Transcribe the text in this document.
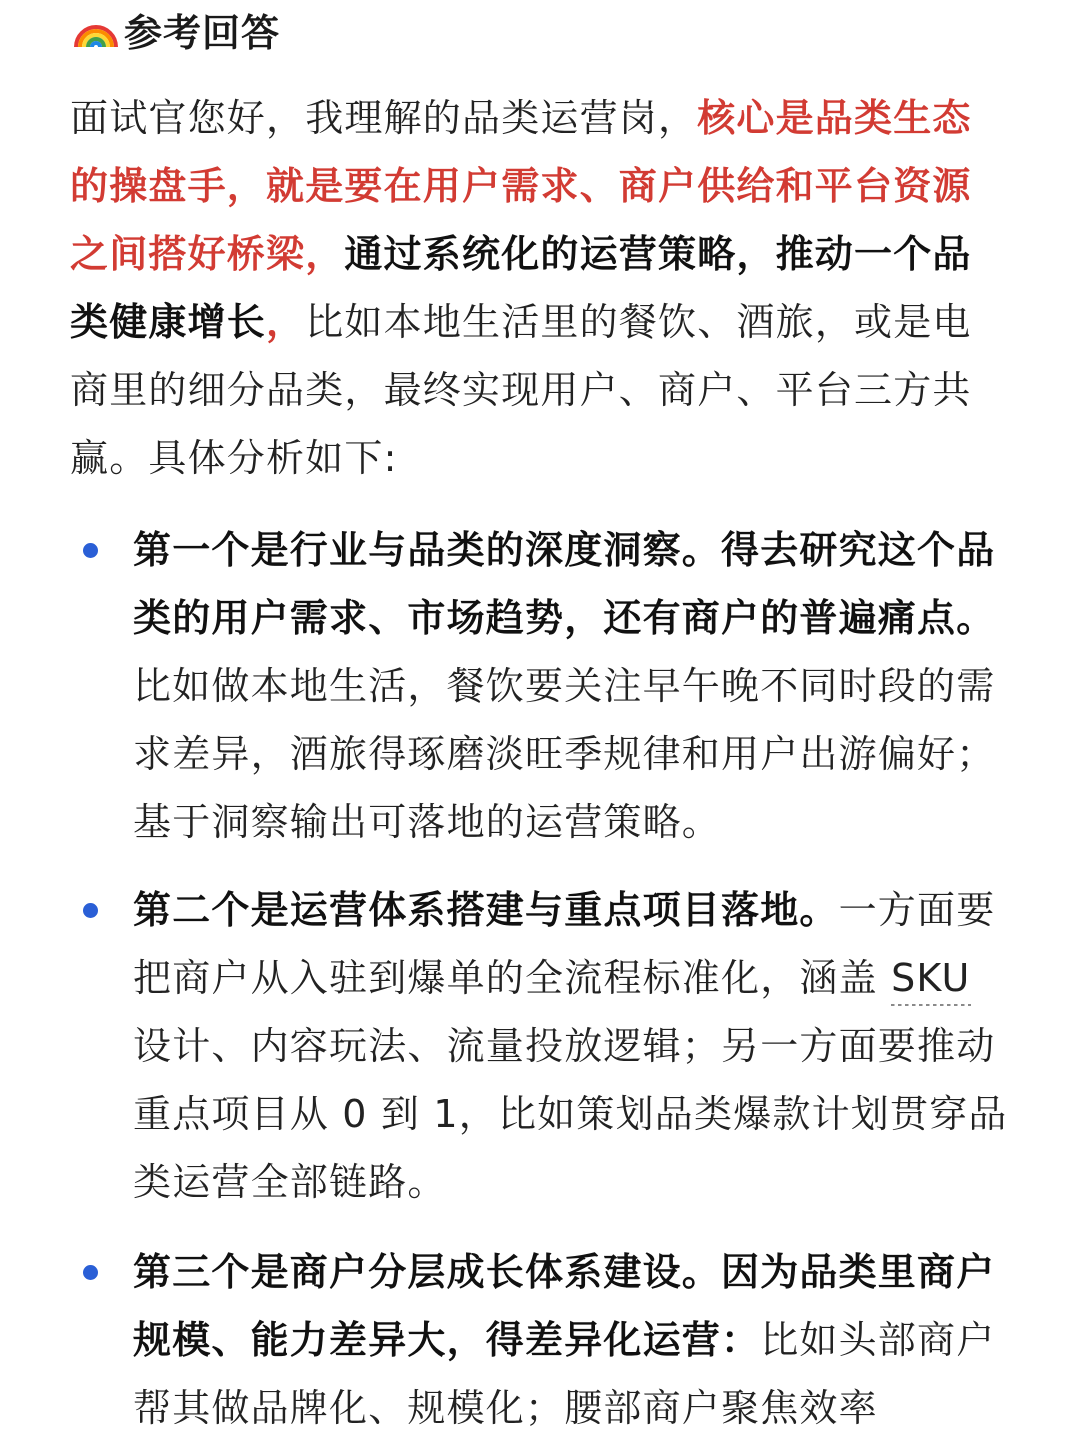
参考回答

面试官您好，我理解的品类运营岗，核心是品类生态的操盘手，就是要在用户需求、商户供给和平台资源之间搭好桥梁，通过系统化的运营策略，推动一个品类健康增长，比如本地生活里的餐饮、酒旅，或是电商里的细分品类，最终实现用户、商户、平台三方共赢。具体分析如下:

第一个是行业与品类的深度洞察。得去研究这个品类的用户需求、市场趋势，还有商户的普遍痛点。比如做本地生活，餐饮要关注早午晚不同时段的需求差异，酒旅得琢磨淡旺季规律和用户出游偏好；基于洞察输出可落地的运营策略。
第二个是运营体系搭建与重点项目落地。一方面要把商户从入驻到爆单的全流程标准化，涵盖 SKU 设计、内容玩法、流量投放逻辑；另一方面要推动重点项目从 0 到 1，比如策划品类爆款计划贯穿品类运营全部链路。
第三个是商户分层成长体系建设。因为品类里商户规模、能力差异大，得差异化运营：比如头部商户帮其做品牌化、规模化；腰部商户聚焦效率
